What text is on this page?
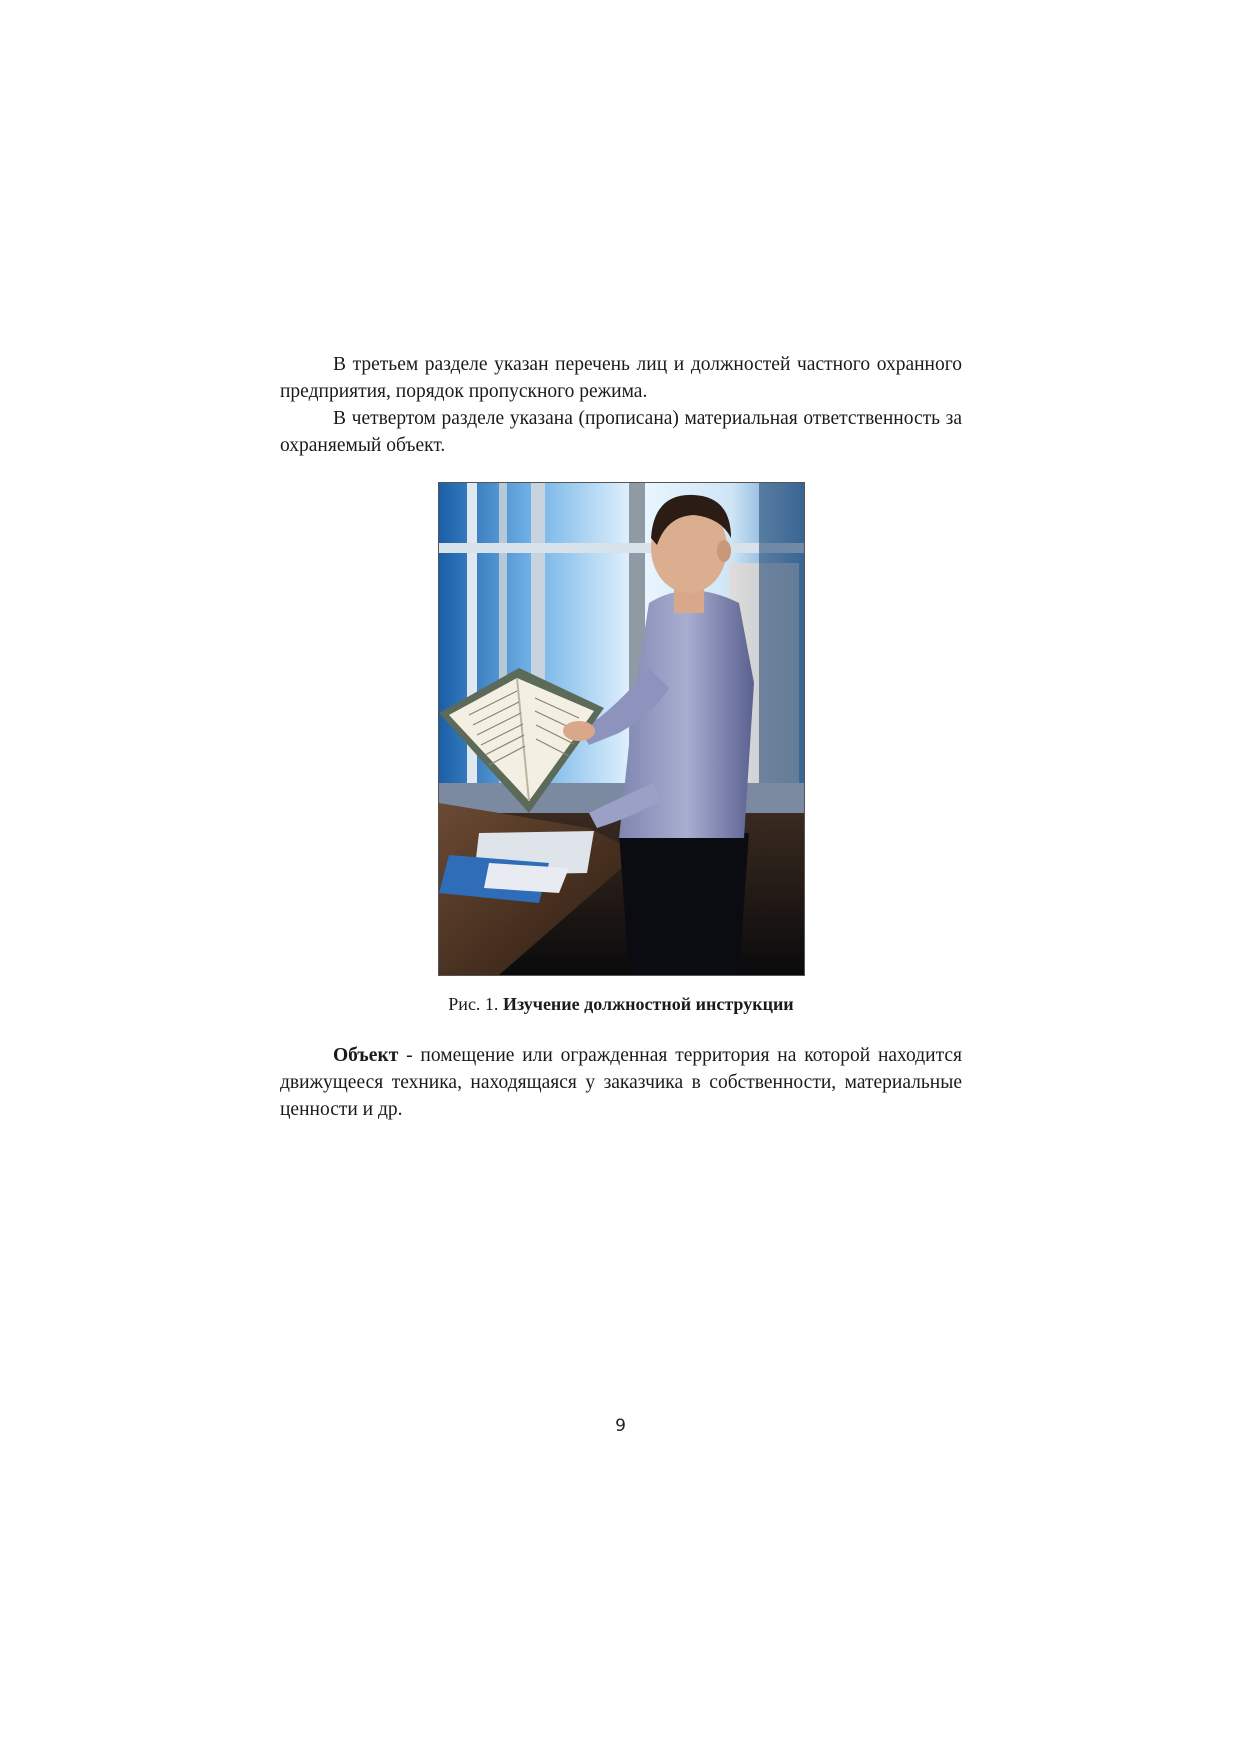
В третьем разделе указан перечень лиц и должностей частного охранного предприятия, порядок пропускного режима.

В четвертом разделе указана (прописана) материальная ответственность за охраняемый объект.

Рис. 1. Изучение должностной инструкции

Объект - помещение или огражденная территория на которой находится движущееся техника, находящаяся у заказчика в собственности, материальные ценности и др.

9
